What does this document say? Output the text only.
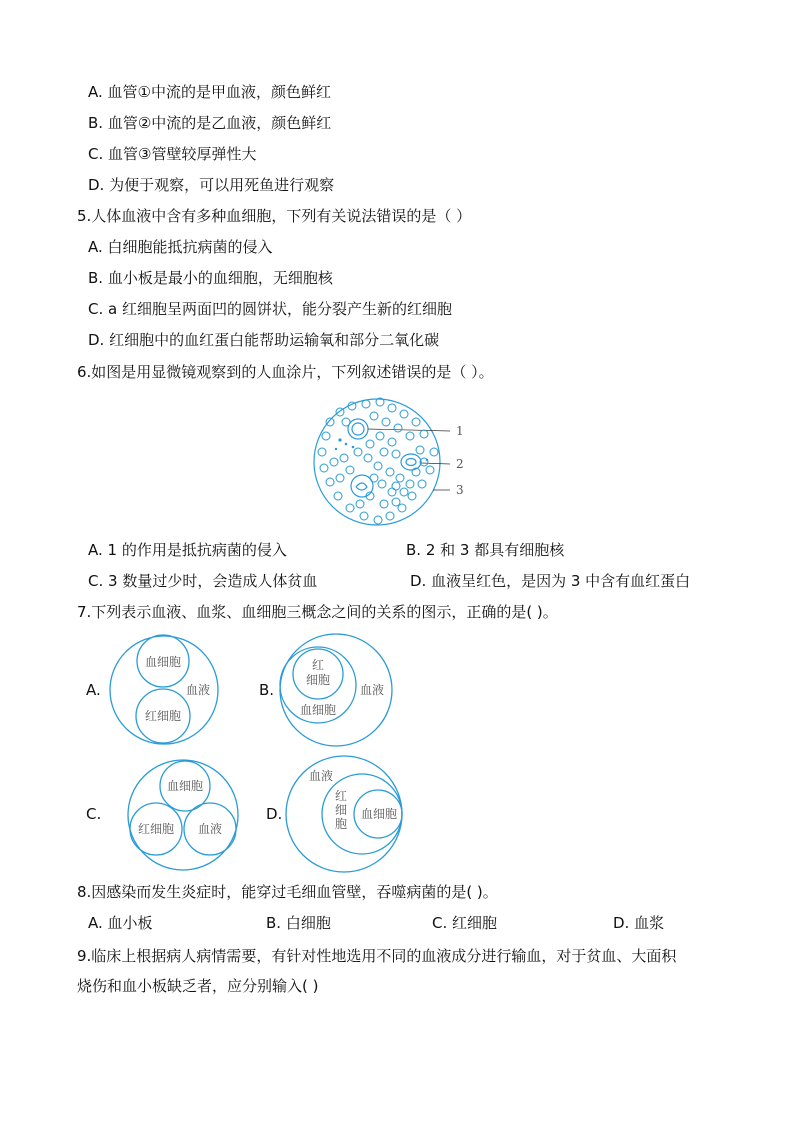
A. 血管①中流的是甲血液，颜色鲜红
B. 血管②中流的是乙血液，颜色鲜红
C. 血管③管壁较厚弹性大
D. 为便于观察，可以用死鱼进行观察
5.人体血液中含有多种血细胞，下列有关说法错误的是（ ）
A. 白细胞能抵抗病菌的侵入
B. 血小板是最小的血细胞，无细胞核
C. a 红细胞呈两面凹的圆饼状，能分裂产生新的红细胞
D. 红细胞中的血红蛋白能帮助运输氧和部分二氧化碳
6.如图是用显微镜观察到的人血涂片，下列叙述错误的是（ ）。
1
2
3
A. 1 的作用是抵抗病菌的侵入	B. 2 和 3 都具有细胞核
C. 3 数量过少时，会造成人体贫血	D. 血液呈红色，是因为 3 中含有血红蛋白
7.下列表示血液、血浆、血细胞三概念之间的关系的图示，正确的是( )。
A.	B.
C.	D.
血细胞
血液
红细胞
红
细胞
血细胞
血液
血细胞
红细胞 血液
血液
红
细
胞
血细胞
8.因感染而发生炎症时，能穿过毛细血管壁，吞噬病菌的是( )。
A. 血小板	B. 白细胞	C. 红细胞	D. 血浆
9.临床上根据病人病情需要，有针对性地选用不同的血液成分进行输血，对于贫血、大面积
烧伤和血小板缺乏者，应分别输入( )
